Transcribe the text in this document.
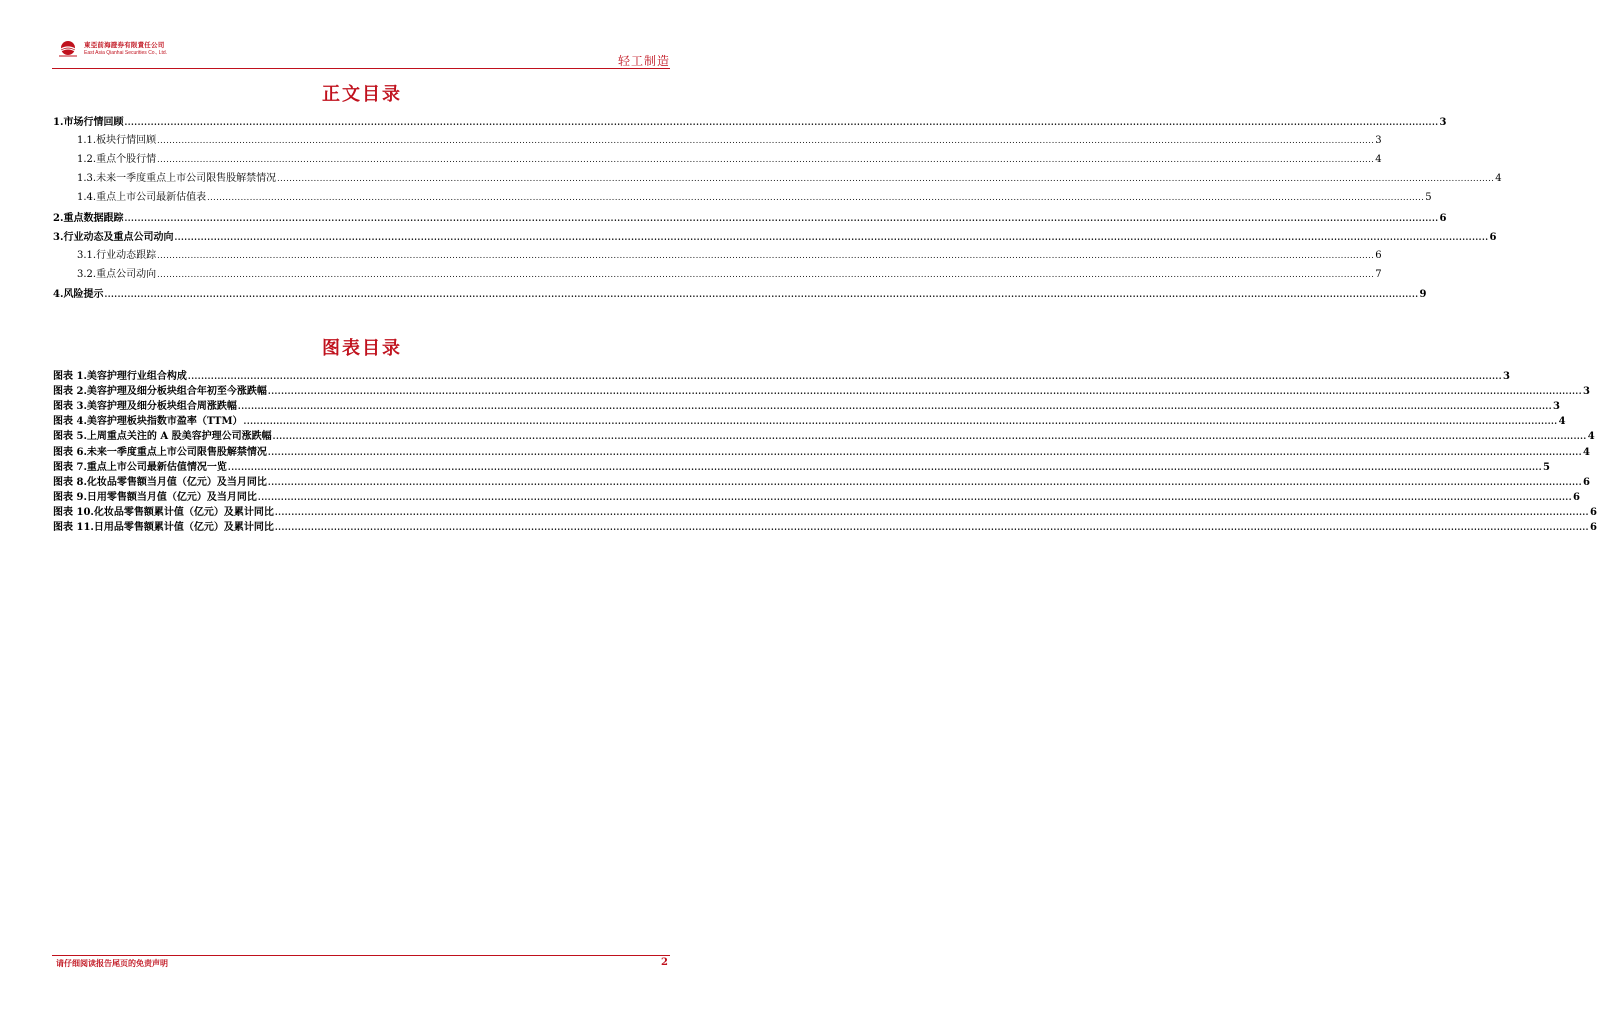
東亞前海證券有限責任公司
East Asia Qianhai Securities Co., Ltd.
轻工制造
正文目录
1. 市场行情回顾 ................................................................................................................................................................................................................................................................................................................................................................................................................ 3
1.1. 板块行情回顾 ................................................................................................................................................................................................................................................................................................................................................................................................................ 3
1.2. 重点个股行情 ................................................................................................................................................................................................................................................................................................................................................................................................................ 4
1.3. 未来一季度重点上市公司限售股解禁情况 ................................................................................................................................................................................................................................................................................................................................................................................................................ 4
1.4. 重点上市公司最新估值表 ................................................................................................................................................................................................................................................................................................................................................................................................................ 5
2. 重点数据跟踪 ................................................................................................................................................................................................................................................................................................................................................................................................................ 6
3. 行业动态及重点公司动向 ................................................................................................................................................................................................................................................................................................................................................................................................................ 6
3.1. 行业动态跟踪 ................................................................................................................................................................................................................................................................................................................................................................................................................ 6
3.2. 重点公司动向 ................................................................................................................................................................................................................................................................................................................................................................................................................ 7
4. 风险提示 ................................................................................................................................................................................................................................................................................................................................................................................................................ 9
图表目录
图表 1. 美容护理行业组合构成 ................................................................................................................................................................................................................................................................................................................................................................................................................ 3
图表 2. 美容护理及细分板块组合年初至今涨跌幅 ................................................................................................................................................................................................................................................................................................................................................................................................................ 3
图表 3. 美容护理及细分板块组合周涨跌幅 ................................................................................................................................................................................................................................................................................................................................................................................................................ 3
图表 4. 美容护理板块指数市盈率（TTM） ................................................................................................................................................................................................................................................................................................................................................................................................................ 4
图表 5. 上周重点关注的 A 股美容护理公司涨跌幅 ................................................................................................................................................................................................................................................................................................................................................................................................................ 4
图表 6. 未来一季度重点上市公司限售股解禁情况 ................................................................................................................................................................................................................................................................................................................................................................................................................ 4
图表 7. 重点上市公司最新估值情况一览 ................................................................................................................................................................................................................................................................................................................................................................................................................ 5
图表 8. 化妆品零售额当月值（亿元）及当月同比 ................................................................................................................................................................................................................................................................................................................................................................................................................ 6
图表 9. 日用零售额当月值（亿元）及当月同比 ................................................................................................................................................................................................................................................................................................................................................................................................................ 6
图表 10. 化妆品零售额累计值（亿元）及累计同比 ................................................................................................................................................................................................................................................................................................................................................................................................................ 6
图表 11. 日用品零售额累计值（亿元）及累计同比 ................................................................................................................................................................................................................................................................................................................................................................................................................ 6
请仔细阅读报告尾页的免责声明	2
